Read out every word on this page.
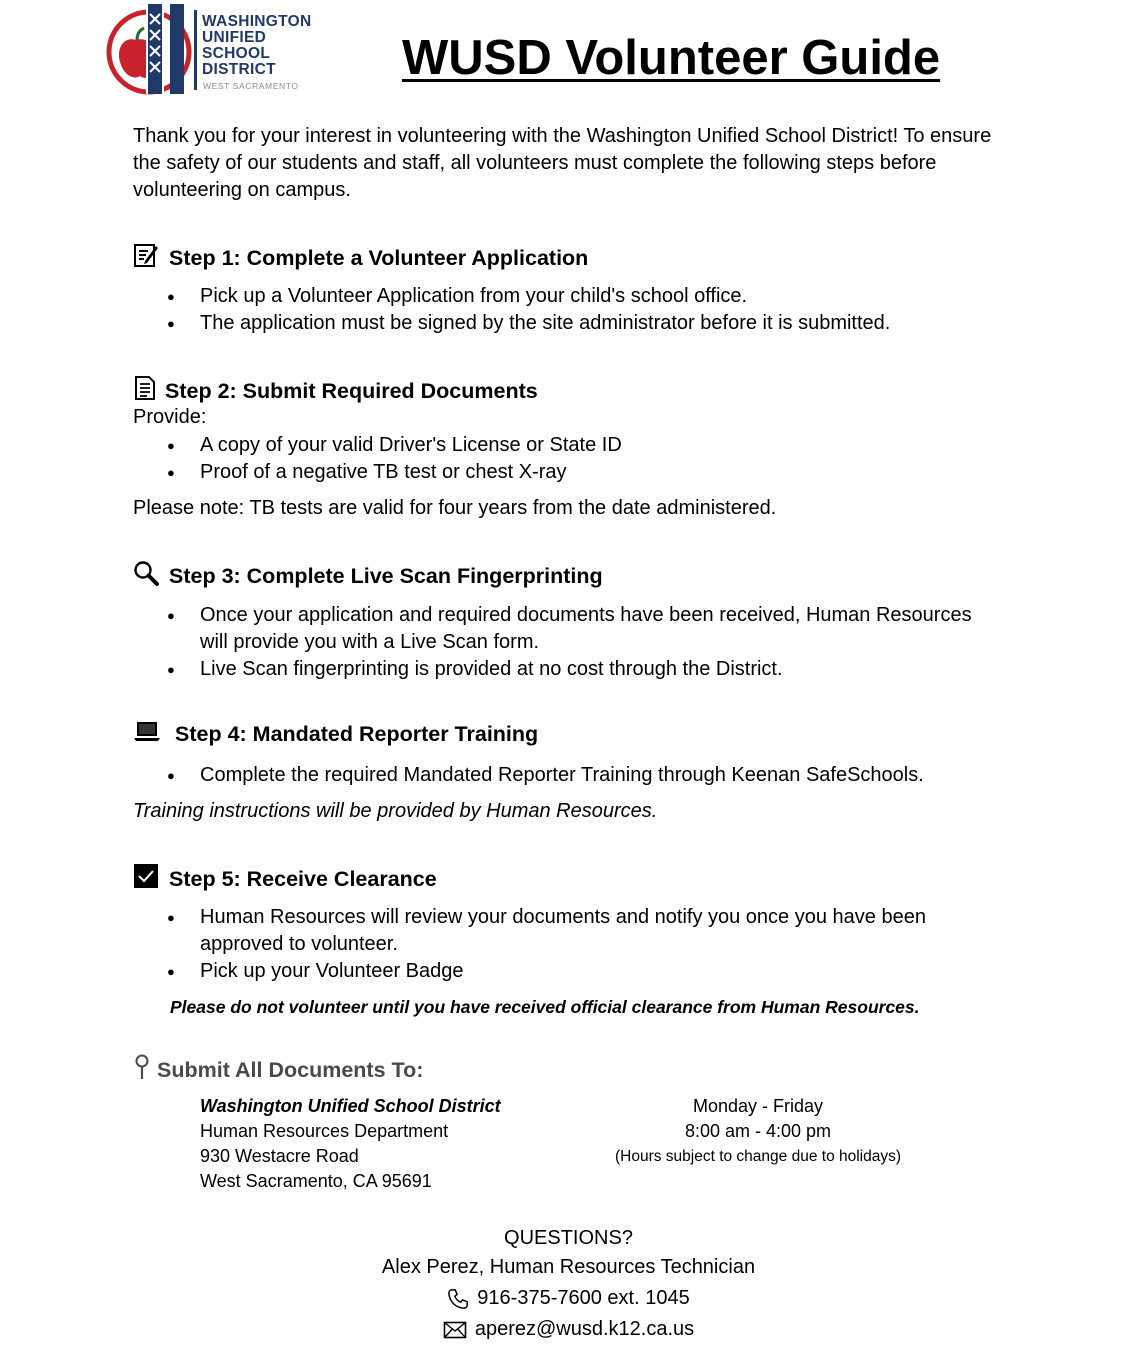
WASHINGTON
UNIFIED
SCHOOL
DISTRICT
WEST SACRAMENTO
WUSD Volunteer Guide
Thank you for your interest in volunteering with the Washington Unified School District! To ensure the safety of our students and staff, all volunteers must complete the following steps before volunteering on campus.
Step 1: Complete a Volunteer Application
● Pick up a Volunteer Application from your child's school office.
● The application must be signed by the site administrator before it is submitted.
Step 2: Submit Required Documents
Provide:
● A copy of your valid Driver's License or State ID
● Proof of a negative TB test or chest X-ray
Please note: TB tests are valid for four years from the date administered.
Step 3: Complete Live Scan Fingerprinting
● Once your application and required documents have been received, Human Resources will provide you with a Live Scan form.
● Live Scan fingerprinting is provided at no cost through the District.
Step 4: Mandated Reporter Training
● Complete the required Mandated Reporter Training through Keenan SafeSchools.
Training instructions will be provided by Human Resources.
Step 5: Receive Clearance
● Human Resources will review your documents and notify you once you have been approved to volunteer.
● Pick up your Volunteer Badge
Please do not volunteer until you have received official clearance from Human Resources.
Submit All Documents To:
Washington Unified School District
Human Resources Department
930 Westacre Road
West Sacramento, CA 95691
Monday - Friday
8:00 am - 4:00 pm
(Hours subject to change due to holidays)
QUESTIONS?
Alex Perez, Human Resources Technician
916-375-7600 ext. 1045
aperez@wusd.k12.ca.us
